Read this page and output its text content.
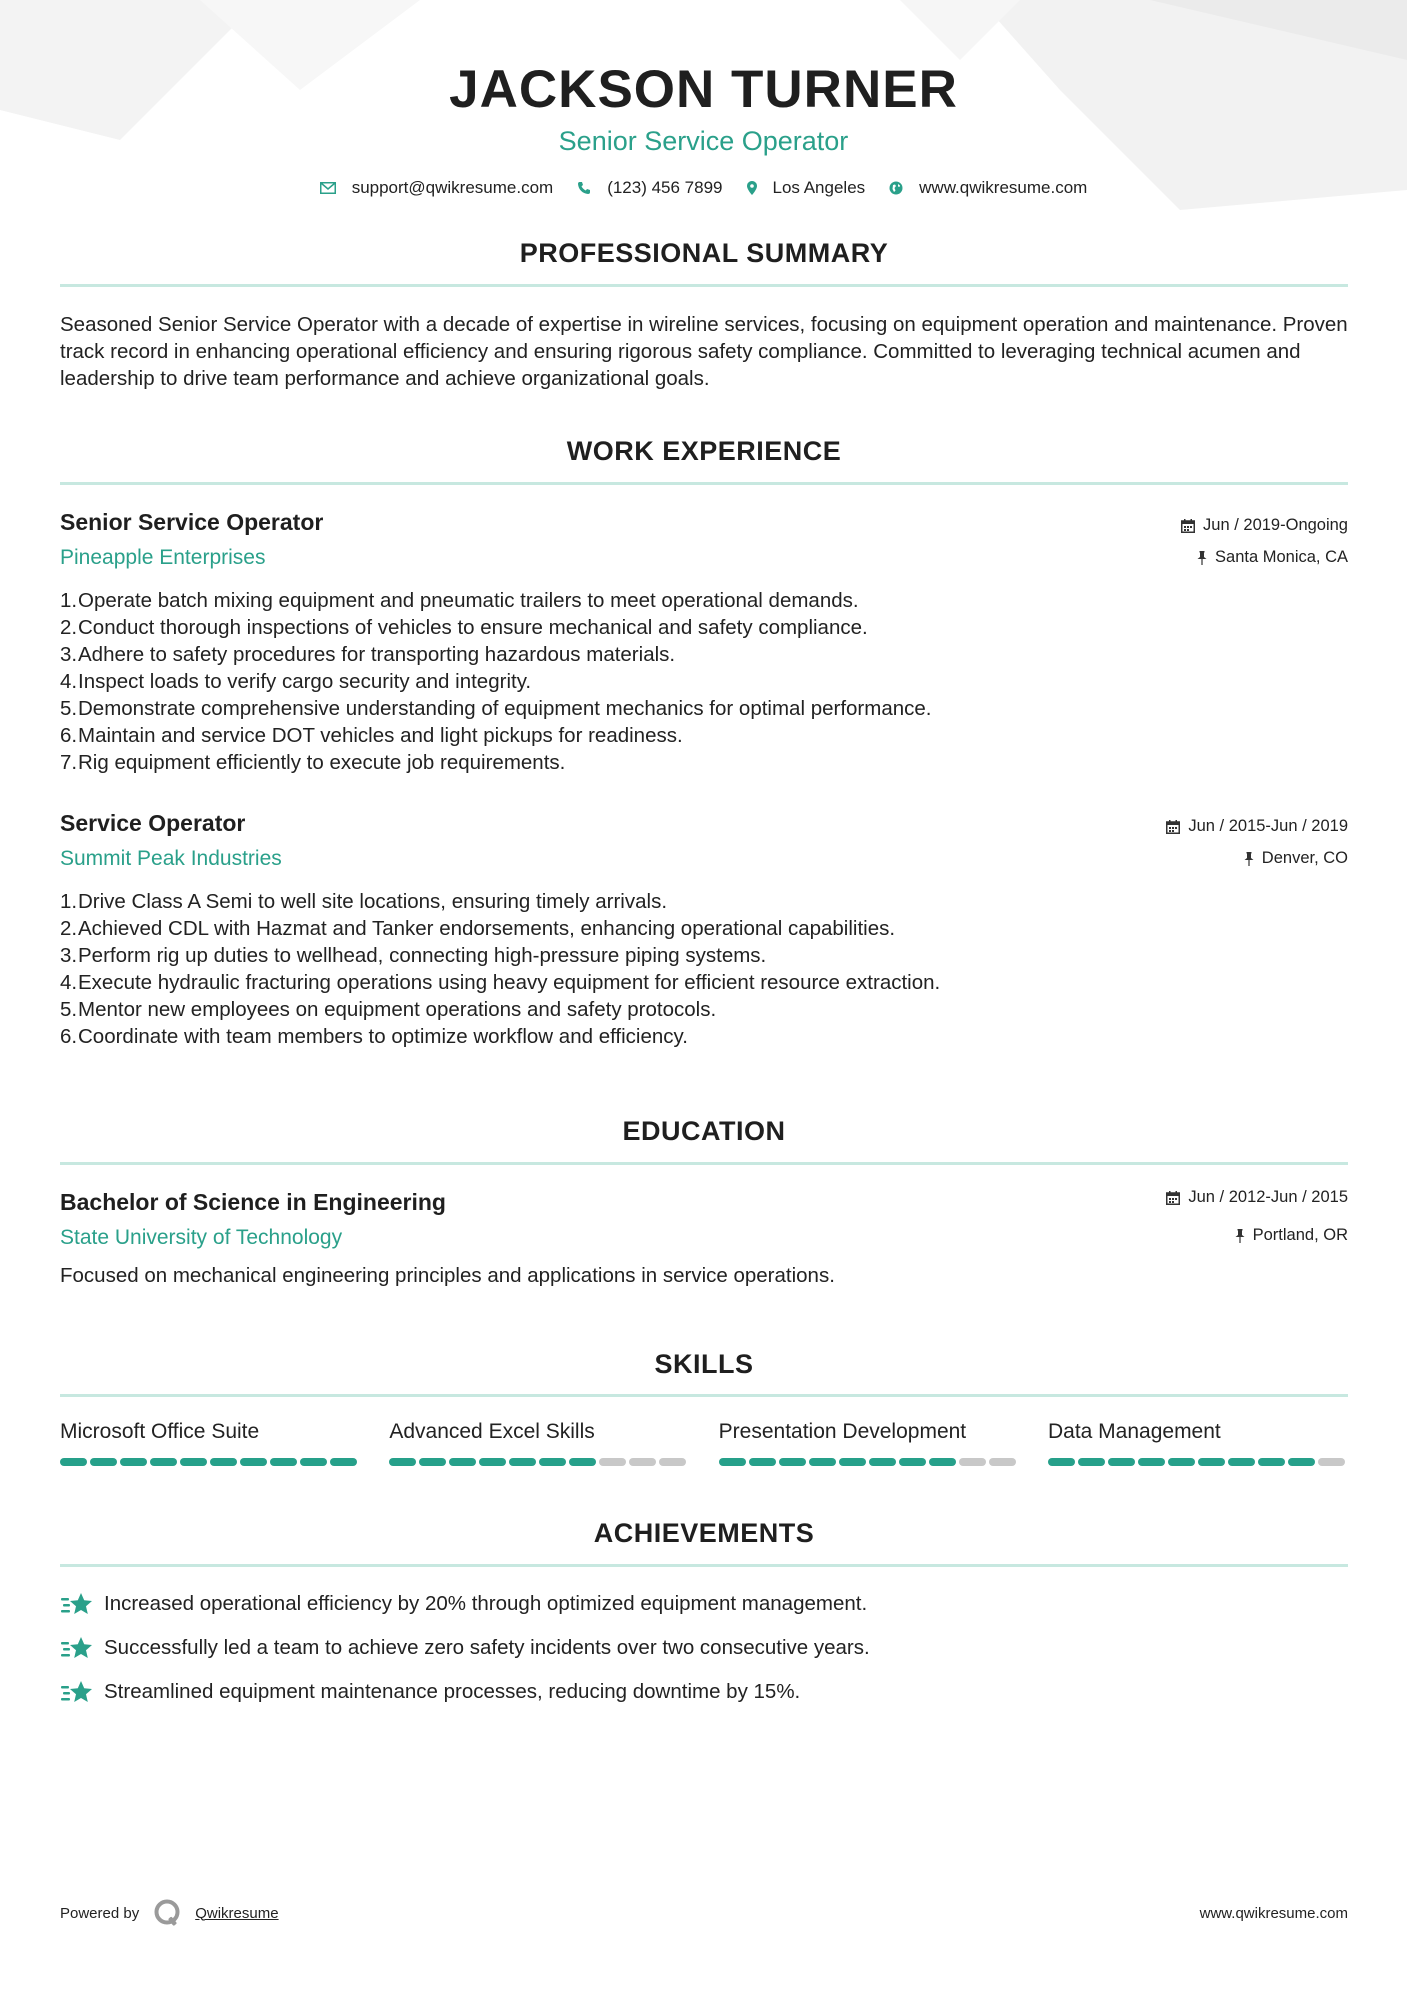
JACKSON TURNER
Senior Service Operator
support@qwikresume.com	(123) 456 7899	Los Angeles	www.qwikresume.com
PROFESSIONAL SUMMARY
Seasoned Senior Service Operator with a decade of expertise in wireline services, focusing on equipment operation and maintenance. Proven track record in enhancing operational efficiency and ensuring rigorous safety compliance. Committed to leveraging technical acumen and leadership to drive team performance and achieve organizational goals.
WORK EXPERIENCE
Senior Service Operator
Pineapple Enterprises
Jun / 2019-Ongoing
Santa Monica, CA
1. Operate batch mixing equipment and pneumatic trailers to meet operational demands.
2. Conduct thorough inspections of vehicles to ensure mechanical and safety compliance.
3. Adhere to safety procedures for transporting hazardous materials.
4. Inspect loads to verify cargo security and integrity.
5. Demonstrate comprehensive understanding of equipment mechanics for optimal performance.
6. Maintain and service DOT vehicles and light pickups for readiness.
7. Rig equipment efficiently to execute job requirements.
Service Operator
Summit Peak Industries
Jun / 2015-Jun / 2019
Denver, CO
1. Drive Class A Semi to well site locations, ensuring timely arrivals.
2. Achieved CDL with Hazmat and Tanker endorsements, enhancing operational capabilities.
3. Perform rig up duties to wellhead, connecting high-pressure piping systems.
4. Execute hydraulic fracturing operations using heavy equipment for efficient resource extraction.
5. Mentor new employees on equipment operations and safety protocols.
6. Coordinate with team members to optimize workflow and efficiency.
EDUCATION
Bachelor of Science in Engineering
State University of Technology
Jun / 2012-Jun / 2015
Portland, OR
Focused on mechanical engineering principles and applications in service operations.
SKILLS
Microsoft Office Suite	Advanced Excel Skills	Presentation Development	Data Management
ACHIEVEMENTS
Increased operational efficiency by 20% through optimized equipment management.
Successfully led a team to achieve zero safety incidents over two consecutive years.
Streamlined equipment maintenance processes, reducing downtime by 15%.
Powered by	Qwikresume	www.qwikresume.com
